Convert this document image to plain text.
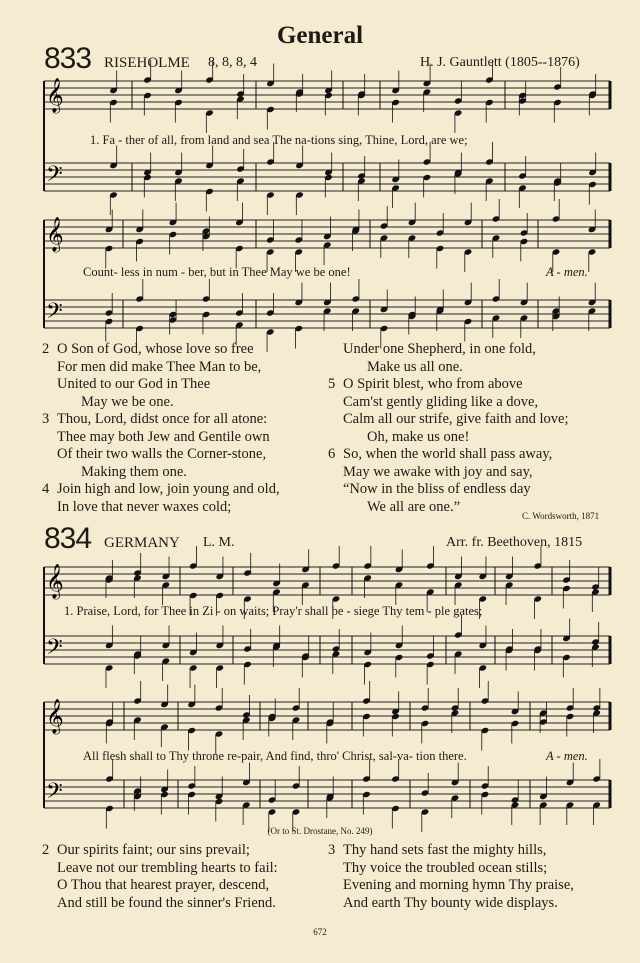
𝄞
𝄢
𝄞
𝄢
𝄞
𝄢
𝄞
𝄢
General
833 RISEHOLME 8, 8, 8, 4	H. J. Gauntlett (1805--1876)
1. Fa - ther of all, from land and sea The na-tions sing, Thine, Lord, are we;
Count- less in num - ber, but in Thee May we be one!	A - men.
2 O Son of God, whose love so free
For men did make Thee Man to be,
United to our God in Thee
May we be one.
3 Thou, Lord, didst once for all atone:
Thee may both Jew and Gentile own
Of their two walls the Corner-stone,
Making them one.
4 Join high and low, join young and old,
In love that never waxes cold;
Under one Shepherd, in one fold,
Make us all one.
5 O Spirit blest, who from above
Cam'st gently gliding like a dove,
Calm all our strife, give faith and love;
Oh, make us one!
6 So, when the world shall pass away,
May we awake with joy and say,
“Now in the bliss of endless day
We all are one.”
C. Wordsworth, 1871
834 GERMANY L. M.	Arr. fr. Beethoven, 1815
1. Praise, Lord, for Thee in Zi - on waits; Pray'r shall be - siege Thy tem - ple gates;
All flesh shall to Thy throne re-pair, And find, thro' Christ, sal-va- tion there.	A - men.
(Or to St. Drostane, No. 249)
2 Our spirits faint; our sins prevail;
Leave not our trembling hearts to fail:
O Thou that hearest prayer, descend,
And still be found the sinner's Friend.
3 Thy hand sets fast the mighty hills,
Thy voice the troubled ocean stills;
Evening and morning hymn Thy praise,
And earth Thy bounty wide displays.
672
